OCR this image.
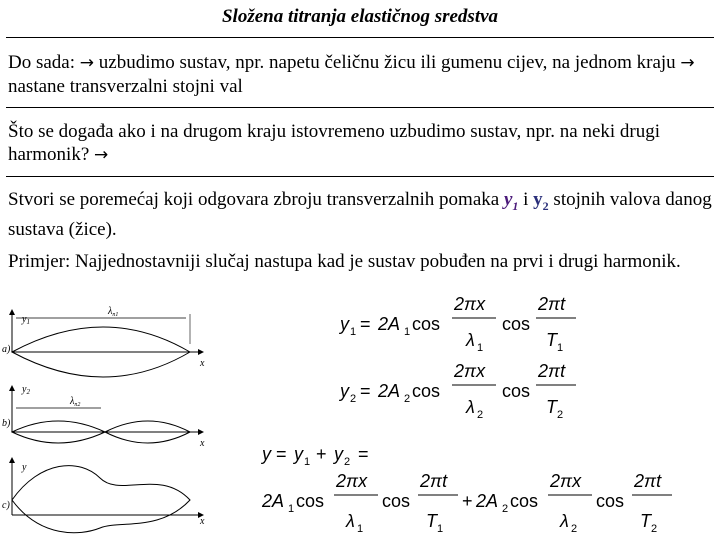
Složena titranja elastičnog sredstva
Do sada: → uzbudimo sustav, npr. napetu čeličnu žicu ili gumenu cijev, na jednom kraju → nastane transverzalni stojni val
Što se događa ako i na drugom kraju istovremeno uzbudimo sustav, npr. na neki drugi harmonik? →
Stvori se poremećaj koji odgovara zbroju transverzalnih pomaka $y_1$ i $y_2$ stojnih valova danog sustava (žice).
Primjer: Najjednostavniji slučaj nastupa kad je sustav pobuđen na prvi i drugi harmonik.
$y_1$
x
$\lambda_{n1}$
a)
$y_2$
x
$\lambda_{n2}$
b)
y
x
c)
y 1 = 2A 1 cos
2πx
λ 1
cos
2πt
T 1
y 2 = 2A 2 cos
2πx
λ 2
cos
2πt
T 2
y = y 1 + y 2 =
2A 1 cos
2πx
λ 1
cos
2πt
T 1
+ 2A 2 cos
2πx
λ 2
cos
2πt
T 2
